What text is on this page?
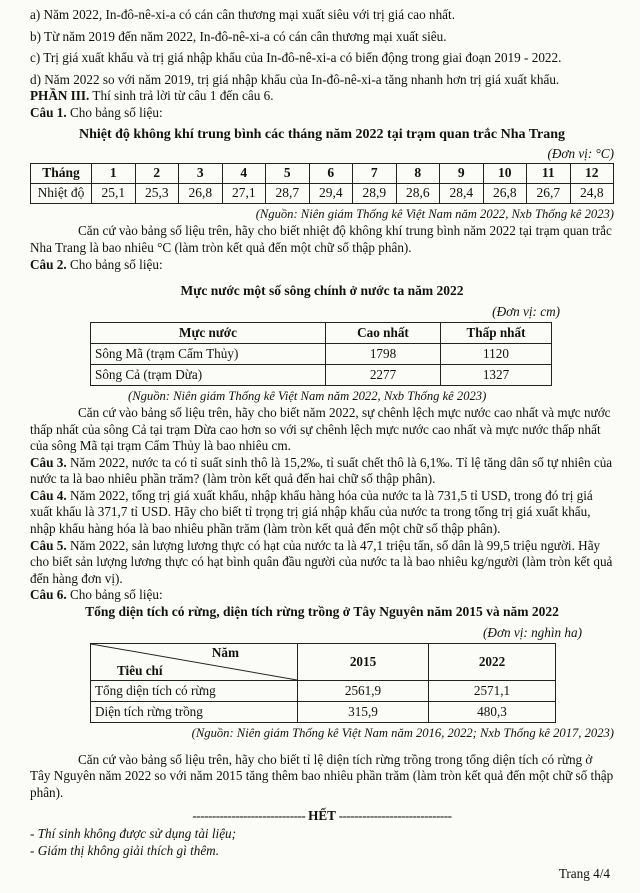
a) Năm 2022, In-đô-nê-xi-a có cán cân thương mại xuất siêu với trị giá cao nhất.

b) Từ năm 2019 đến năm 2022, In-đô-nê-xi-a có cán cân thương mại xuất siêu.

c) Trị giá xuất khẩu và trị giá nhập khẩu của In-đô-nê-xi-a có biến động trong giai đoạn 2019 - 2022.

d) Năm 2022 so với năm 2019, trị giá nhập khẩu của In-đô-nê-xi-a tăng nhanh hơn trị giá xuất khẩu.

PHẦN III. Thí sinh trả lời từ câu 1 đến câu 6.

Câu 1. Cho bảng số liệu:

Nhiệt độ không khí trung bình các tháng năm 2022 tại trạm quan trắc Nha Trang

(Đơn vị: °C)

Tháng	1	2	3	4	5	6	7	8	9	10	11	12
Nhiệt độ	25,1	25,3	26,8	27,1	28,7	29,4	28,9	28,6	28,4	26,8	26,7	24,8

(Nguồn: Niên giám Thống kê Việt Nam năm 2022, Nxb Thống kê 2023)

Căn cứ vào bảng số liệu trên, hãy cho biết nhiệt độ không khí trung bình năm 2022 tại trạm quan trắc Nha Trang là bao nhiêu °C (làm tròn kết quả đến một chữ số thập phân).

Câu 2. Cho bảng số liệu:

Mực nước một số sông chính ở nước ta năm 2022

(Đơn vị: cm)

Mực nước	Cao nhất	Thấp nhất
Sông Mã (trạm Cẩm Thủy)	1798	1120
Sông Cả (trạm Dừa)	2277	1327

(Nguồn: Niên giám Thống kê Việt Nam năm 2022, Nxb Thống kê 2023)

Căn cứ vào bảng số liệu trên, hãy cho biết năm 2022, sự chênh lệch mực nước cao nhất và mực nước thấp nhất của sông Cả tại trạm Dừa cao hơn so với sự chênh lệch mực nước cao nhất và mực nước thấp nhất của sông Mã tại trạm Cẩm Thủy là bao nhiêu cm.

Câu 3. Năm 2022, nước ta có tỉ suất sinh thô là 15,2‰, tỉ suất chết thô là 6,1‰. Tỉ lệ tăng dân số tự nhiên của nước ta là bao nhiêu phần trăm? (làm tròn kết quả đến hai chữ số thập phân).

Câu 4. Năm 2022, tổng trị giá xuất khẩu, nhập khẩu hàng hóa của nước ta là 731,5 tỉ USD, trong đó trị giá xuất khẩu là 371,7 tỉ USD. Hãy cho biết tỉ trọng trị giá nhập khẩu của nước ta trong tổng trị giá xuất khẩu, nhập khẩu hàng hóa là bao nhiêu phần trăm (làm tròn kết quả đến một chữ số thập phân).

Câu 5. Năm 2022, sản lượng lương thực có hạt của nước ta là 47,1 triệu tấn, số dân là 99,5 triệu người. Hãy cho biết sản lượng lương thực có hạt bình quân đầu người của nước ta là bao nhiêu kg/người (làm tròn kết quả đến hàng đơn vị).

Câu 6. Cho bảng số liệu:

Tổng diện tích có rừng, diện tích rừng trồng ở Tây Nguyên năm 2015 và năm 2022

(Đơn vị: nghìn ha)

Năm
Tiêu chí	2015	2022
Tổng diện tích có rừng	2561,9	2571,1
Diện tích rừng trồng	315,9	480,3

(Nguồn: Niên giám Thống kê Việt Nam năm 2016, 2022; Nxb Thống kê 2017, 2023)

Căn cứ vào bảng số liệu trên, hãy cho biết tỉ lệ diện tích rừng trồng trong tổng diện tích có rừng ở Tây Nguyên năm 2022 so với năm 2015 tăng thêm bao nhiêu phần trăm (làm tròn kết quả đến một chữ số thập phân).

----------------------------- HẾT -----------------------------

- Thí sinh không được sử dụng tài liệu;

- Giám thị không giải thích gì thêm.

Trang 4/4
